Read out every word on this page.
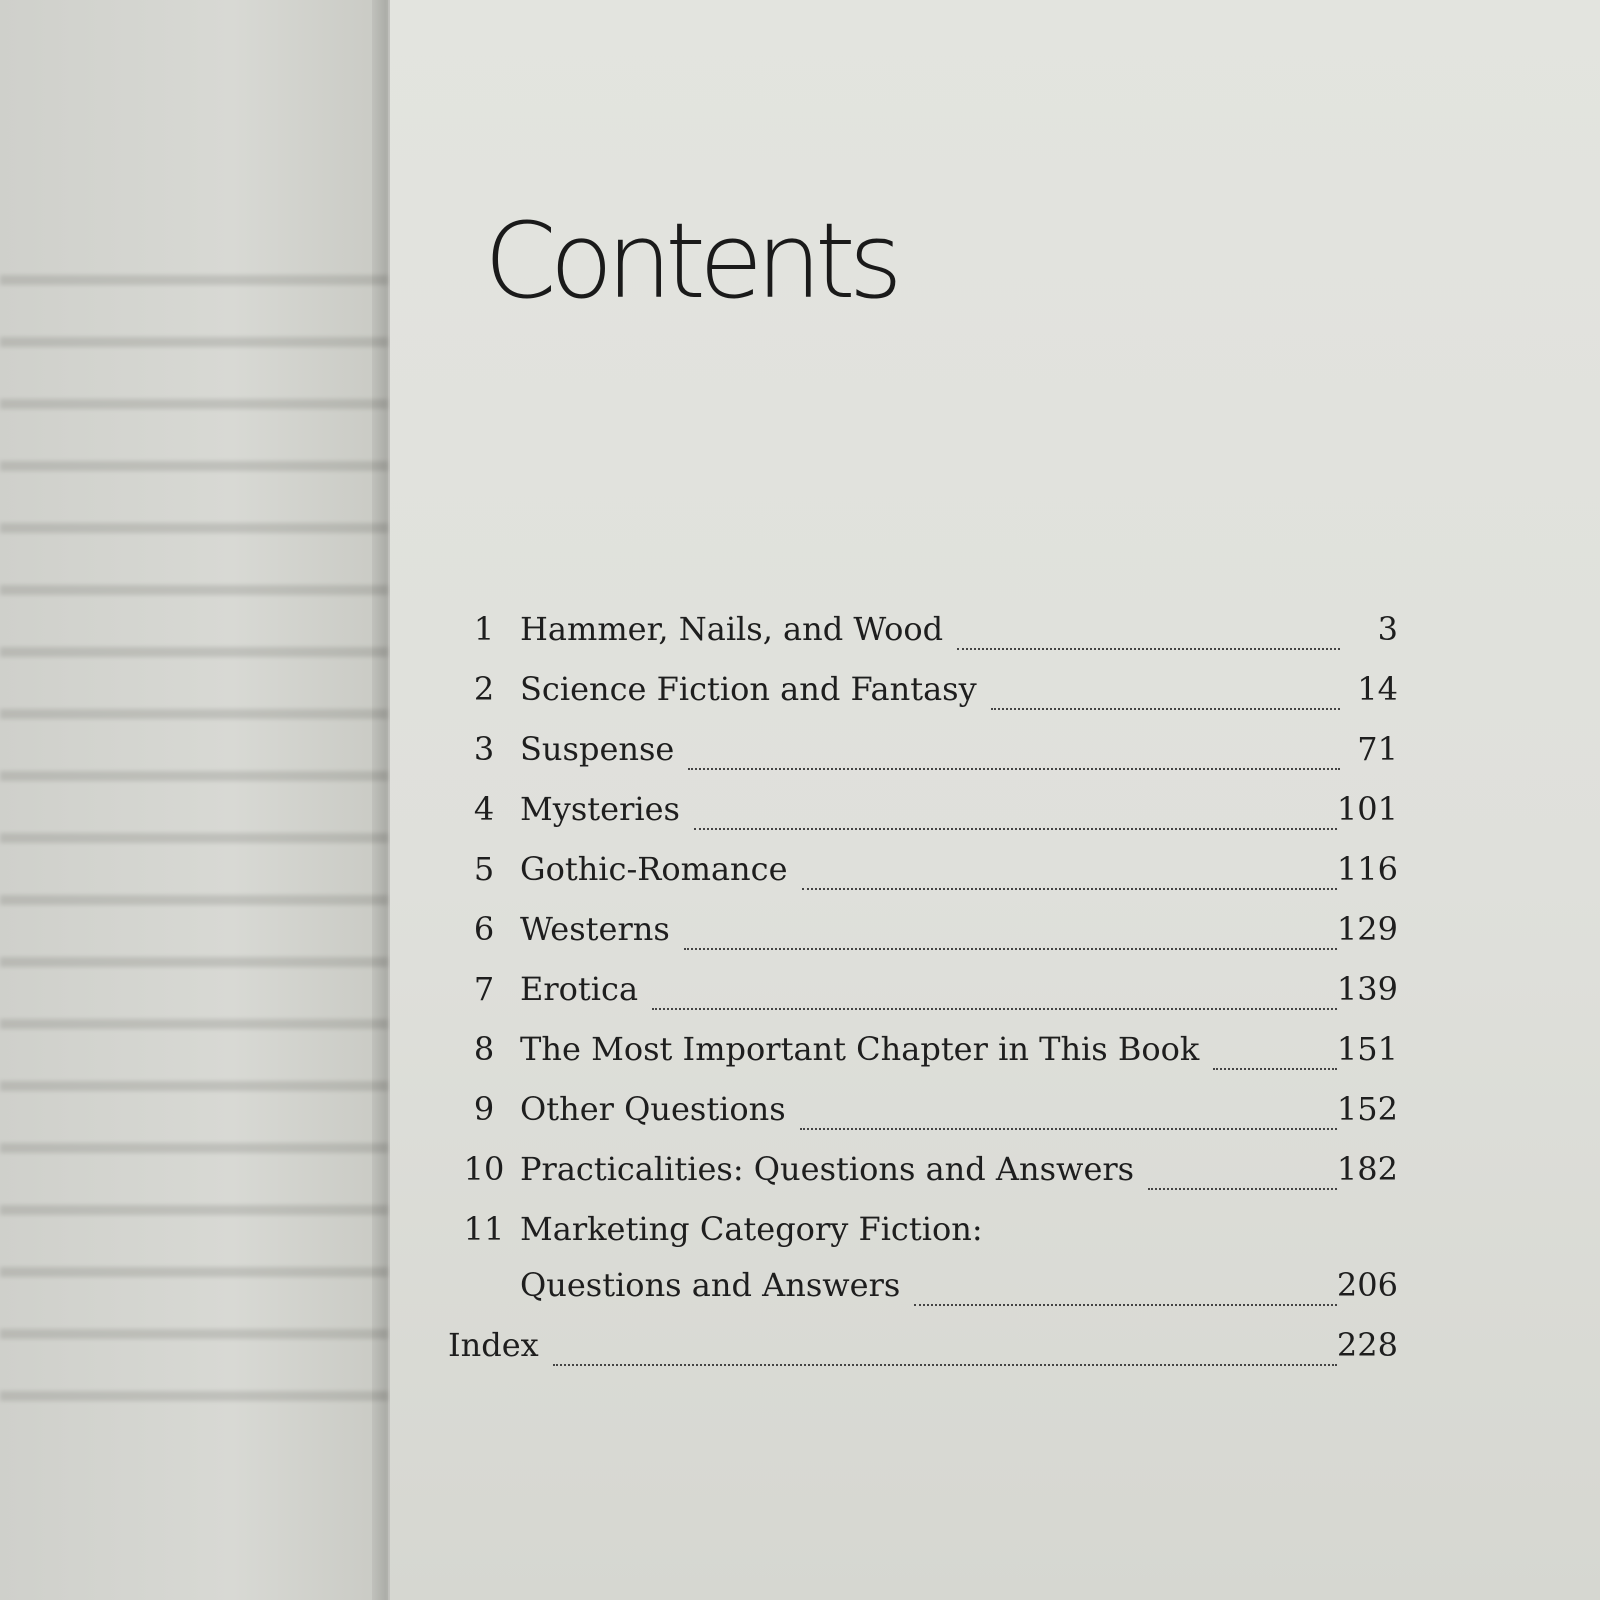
Contents
1 Hammer, Nails, and Wood	3
2 Science Fiction and Fantasy	14
3 Suspense	71
4 Mysteries	101
5 Gothic-Romance	116
6 Westerns	129
7 Erotica	139
8 The Most Important Chapter in This Book	151
9 Other Questions	152
10 Practicalities: Questions and Answers	182
11 Marketing Category Fiction:
Questions and Answers	206
Index	228
